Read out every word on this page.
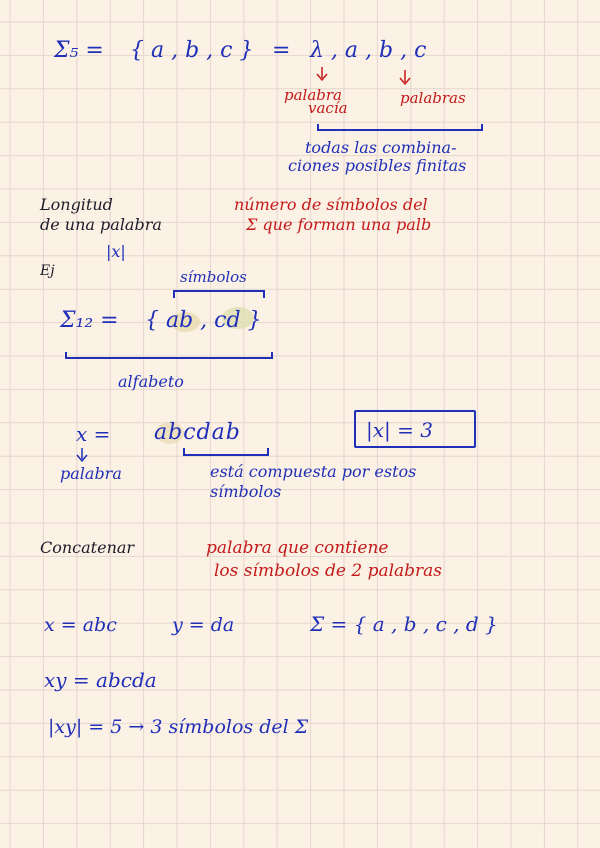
Σ₅ = { a , b , c } = λ , a , b , c
palabra
vacía
palabras
todas las combina-
ciones posibles finitas
Longitud
de una palabra
número de símbolos del
Σ que forman una palb
|x|
Ej	símbolos
Σ₁₂ = { ab , cd }
alfabeto
x = abcdab	|x| = 3
palabra	está compuesta por estos
símbolos
Concatenar	palabra que contiene
los símbolos de 2 palabras
x = abc	y = da	Σ = { a , b , c , d }
xy = abcda
|xy| = 5 → 3 símbolos del Σ
